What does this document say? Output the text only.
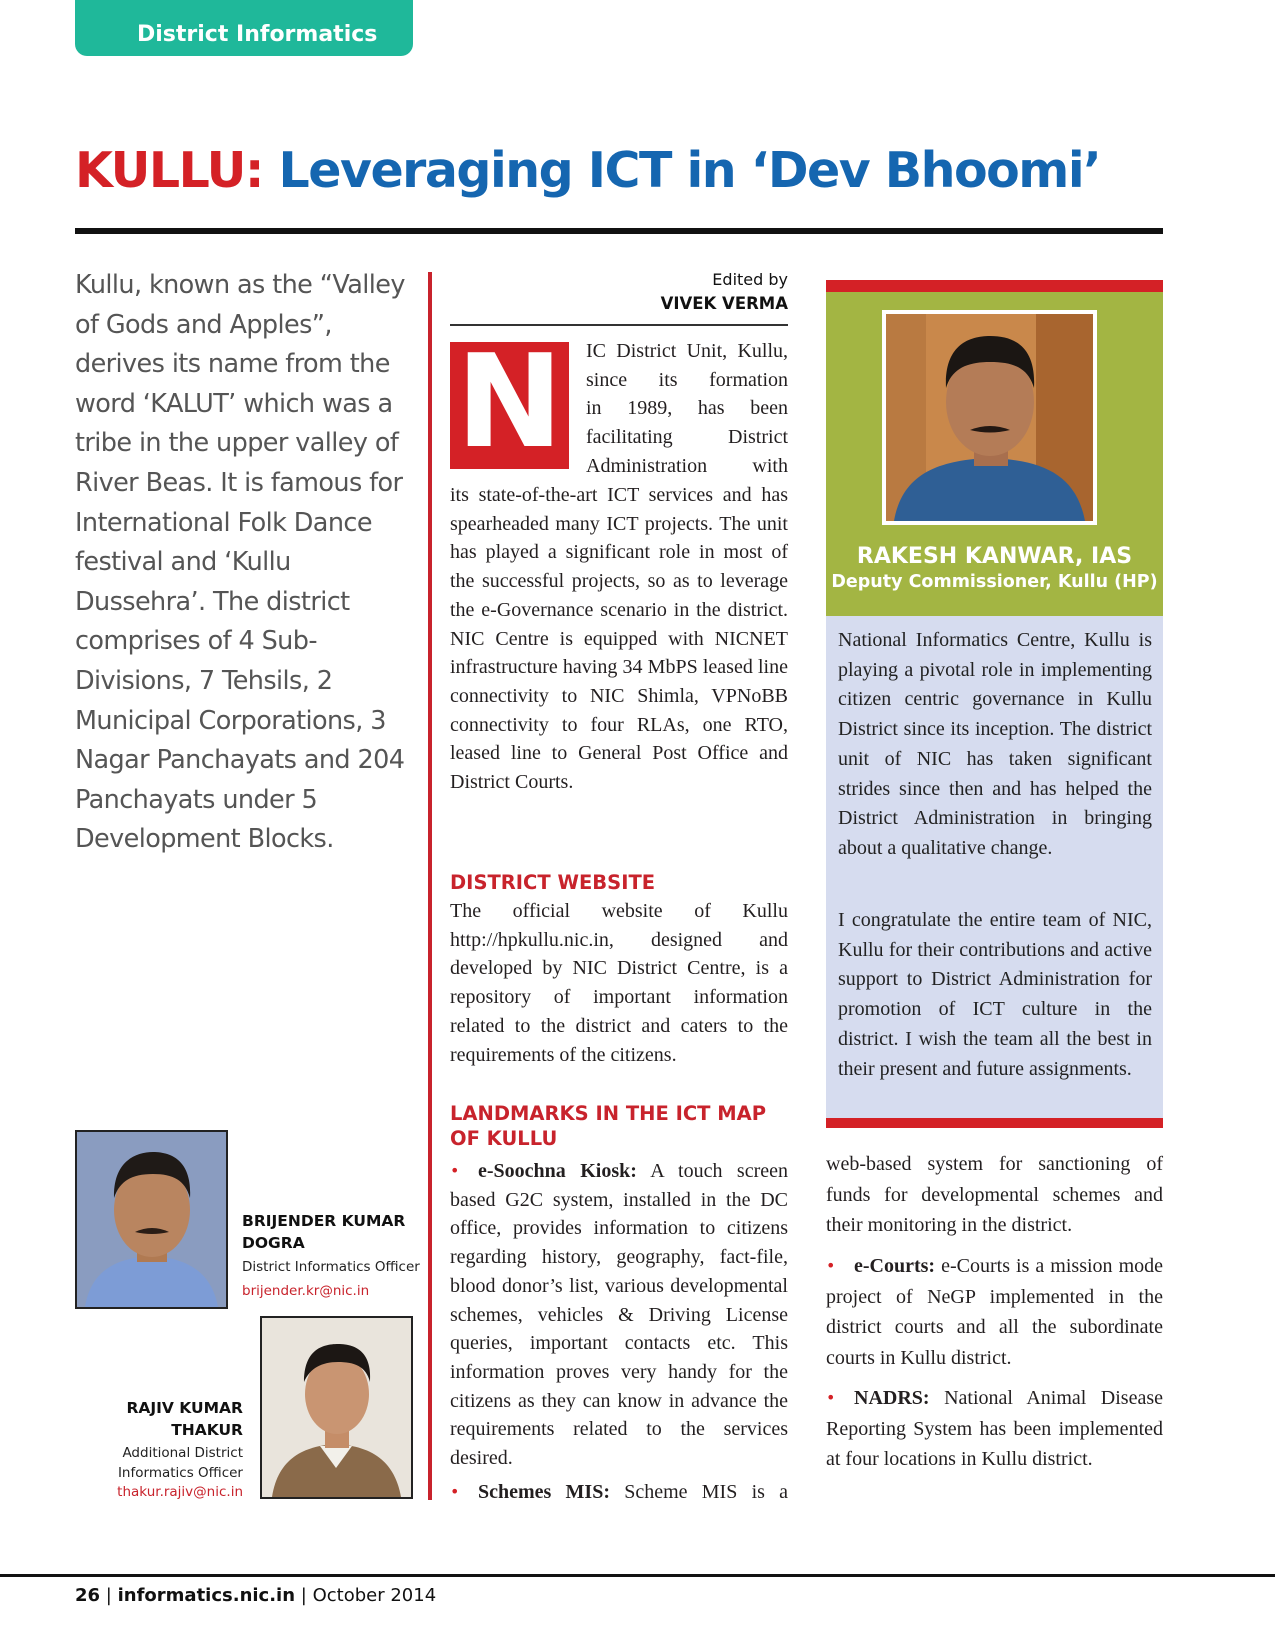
District Informatics
KULLU: Leveraging ICT in ‘Dev Bhoomi’

Kullu, known as the “Valley of Gods and Apples”, derives its name from the word ‘KALUT’ which was a tribe in the upper valley of River Beas. It is famous for International Folk Dance festival and ‘Kullu Dussehra’. The district comprises of 4 Sub-Divisions, 7 Tehsils, 2 Municipal Corporations, 3 Nagar Panchayats and 204 Panchayats under 5 Development Blocks.

BRIJENDER KUMAR DOGRA
District Informatics Officer
brijender.kr@nic.in
RAJIV KUMAR THAKUR
Additional District Informatics Officer
thakur.rajiv@nic.in
Edited by
VIVEK VERMA
N IC District Unit, Kullu,
since its formation
in 1989, has been
facilitating District
Administration with

its state-of-the-art ICT services and has spearheaded many ICT projects. The unit has played a significant role in most of the successful projects, so as to leverage the e-Governance scenario in the district. NIC Centre is equipped with NICNET infrastructure having 34 MbPS leased line connectivity to NIC Shimla, VPNoBB connectivity to four RLAs, one RTO, leased line to General Post Office and District Courts.

DISTRICT WEBSITE

The official website of Kullu http://hpkullu.nic.in, designed and developed by NIC District Centre, is a repository of important information related to the district and caters to the requirements of the citizens.

LANDMARKS IN THE ICT MAP OF KULLU

• e-Soochna Kiosk: A touch screen based G2C system, installed in the DC office, provides information to citizens regarding history, geography, fact-file, blood donor’s list, various developmental schemes, vehicles & Driving License queries, important contacts etc. This information proves very handy for the citizens as they can know in advance the requirements related to the services desired.

• Schemes MIS: Scheme MIS is a

RAKESH KANWAR, IAS
Deputy Commissioner, Kullu (HP)

National Informatics Centre, Kullu is playing a pivotal role in implementing citizen centric governance in Kullu District since its inception. The district unit of NIC has taken significant strides since then and has helped the District Administration in bringing about a qualitative change.

I congratulate the entire team of NIC, Kullu for their contributions and active support to District Administration for promotion of ICT culture in the district. I wish the team all the best in their present and future assignments.

web-based system for sanctioning of funds for developmental schemes and their monitoring in the district.

• e-Courts: e-Courts is a mission mode project of NeGP implemented in the district courts and all the subordinate courts in Kullu district.

• NADRS: National Animal Disease Reporting System has been implemented at four locations in Kullu district.

26 | informatics.nic.in | October 2014
